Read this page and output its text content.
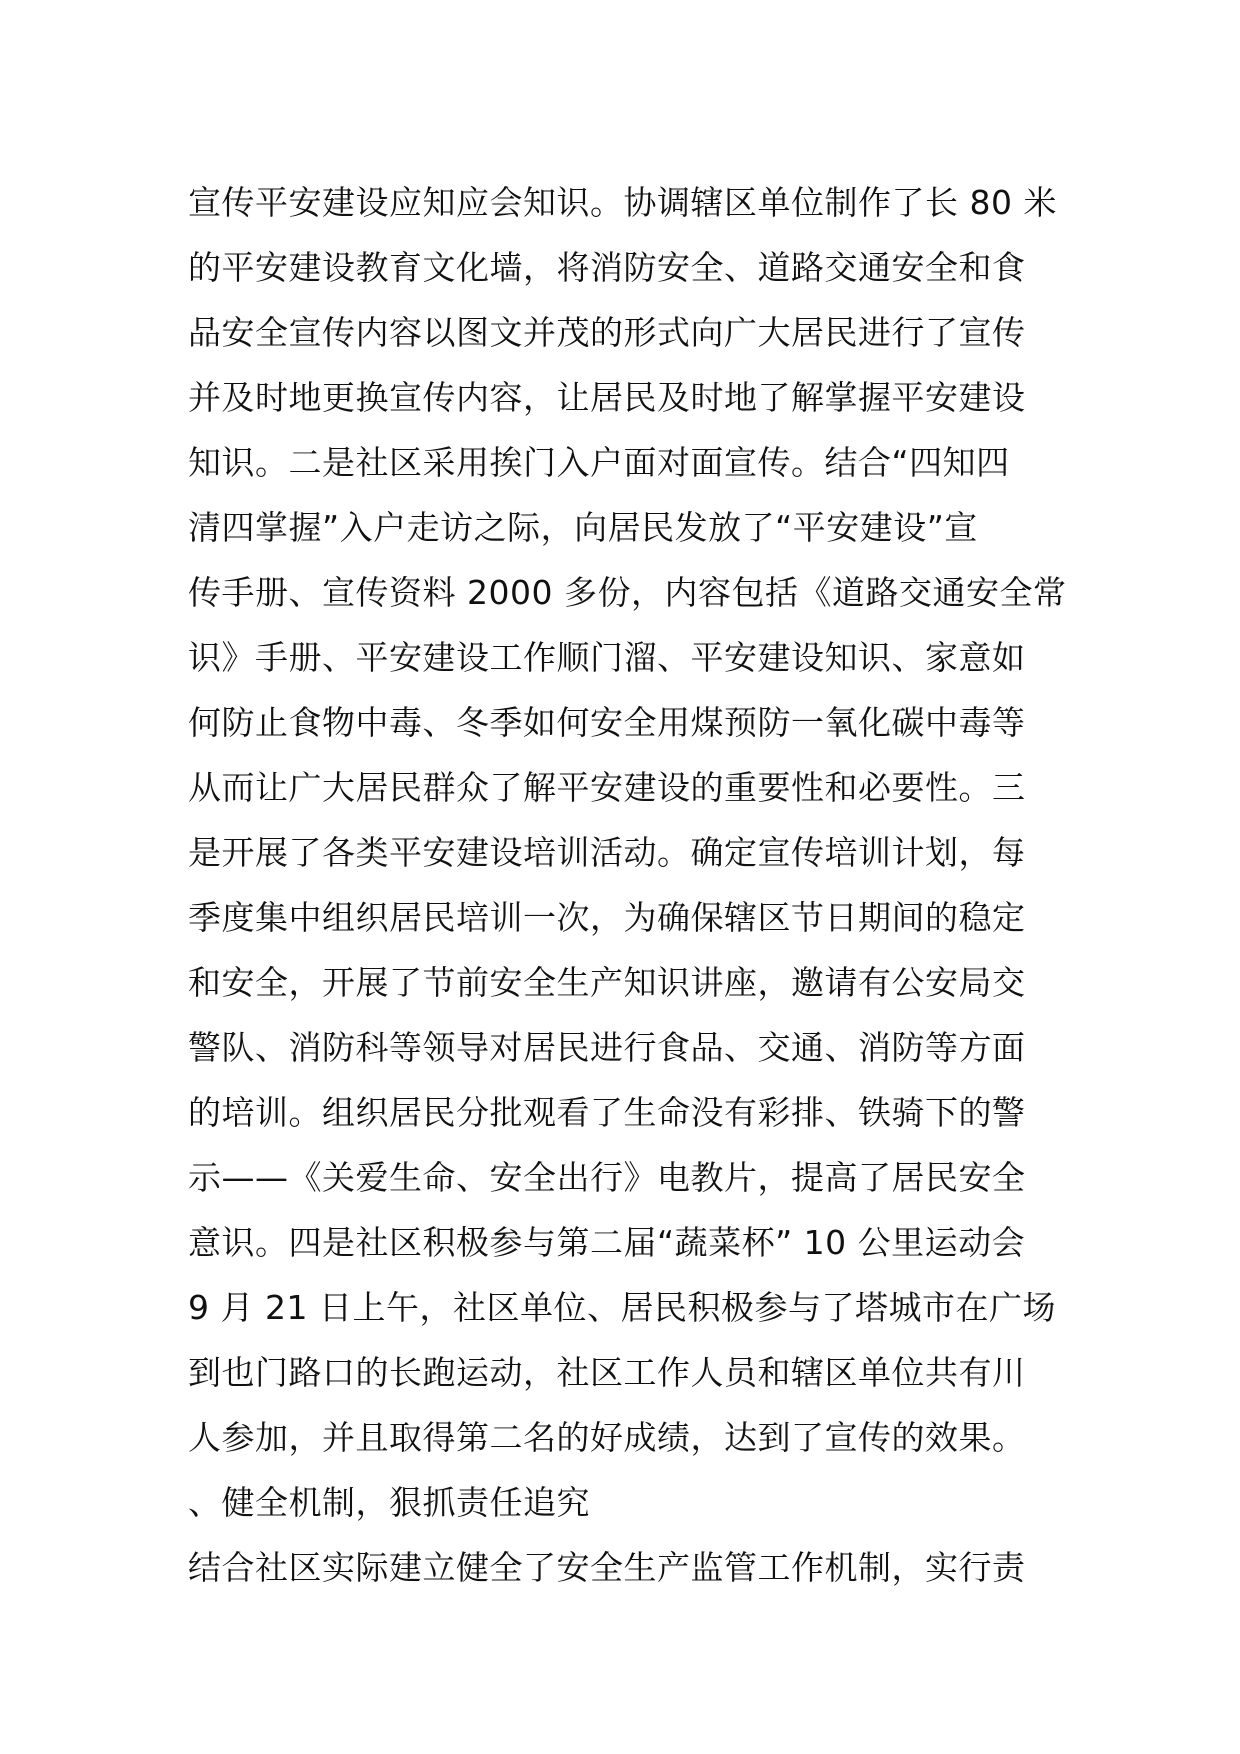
宣传平安建设应知应会知识。协调辖区单位制作了长 80 米
的平安建设教育文化墙，将消防安全、道路交通安全和食
品安全宣传内容以图文并茂的形式向广大居民进行了宣传
并及时地更换宣传内容，让居民及时地了解掌握平安建设
知识。二是社区采用挨门入户面对面宣传。结合“四知四
清四掌握”入户走访之际，向居民发放了“平安建设”宣
传手册、宣传资料 2000 多份，内容包括《道路交通安全常
识》手册、平安建设工作顺门溜、平安建设知识、家意如
何防止食物中毒、冬季如何安全用煤预防一氧化碳中毒等
从而让广大居民群众了解平安建设的重要性和必要性。三
是开展了各类平安建设培训活动。确定宣传培训计划，每
季度集中组织居民培训一次，为确保辖区节日期间的稳定
和安全，开展了节前安全生产知识讲座，邀请有公安局交
警队、消防科等领导对居民进行食品、交通、消防等方面
的培训。组织居民分批观看了生命没有彩排、铁骑下的警
示——《关爱生命、安全出行》电教片，提高了居民安全
意识。四是社区积极参与第二届“蔬菜杯” 10 公里运动会
9 月 21 日上午，社区单位、居民积极参与了塔城市在广场
到也门路口的长跑运动，社区工作人员和辖区单位共有川
人参加，并且取得第二名的好成绩，达到了宣传的效果。
、健全机制，狠抓责任追究
结合社区实际建立健全了安全生产监管工作机制，实行责
